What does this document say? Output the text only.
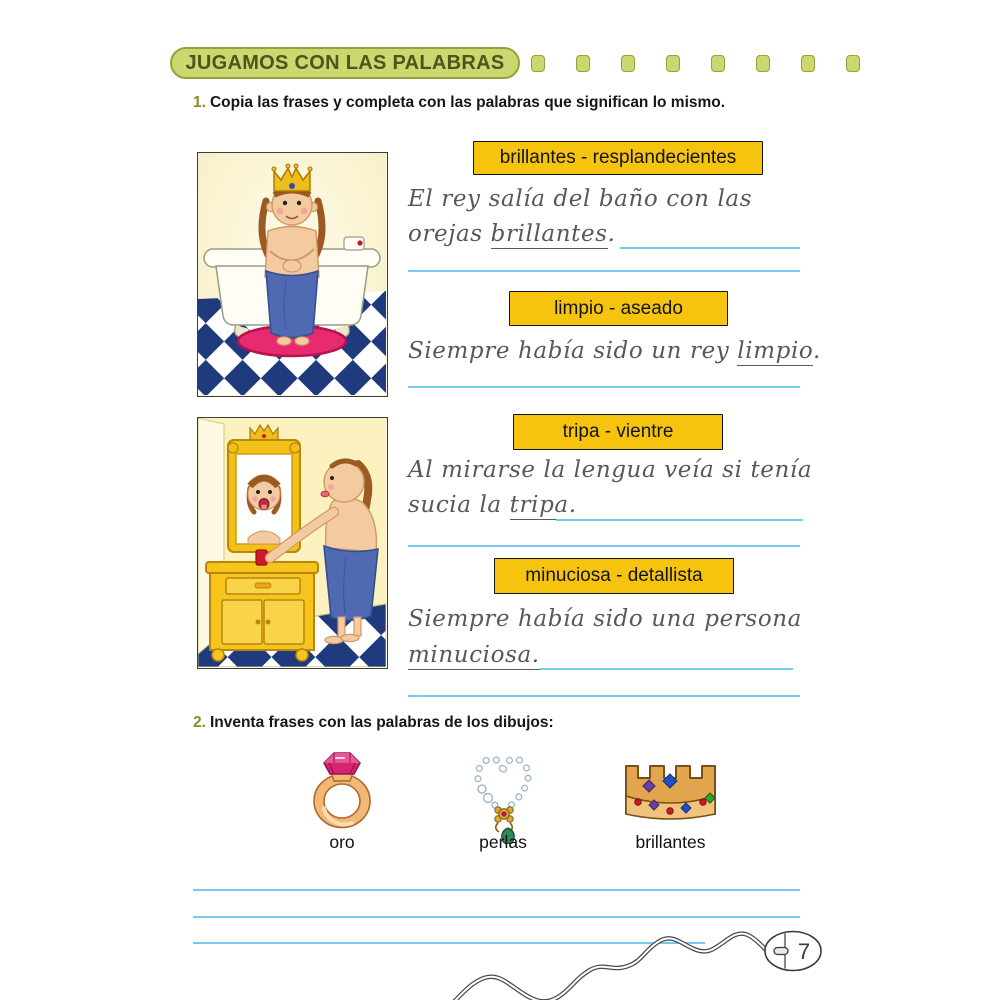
JUGAMOS CON LAS PALABRAS
1. Copia las frases y completa con las palabras que significan lo mismo.
brillantes - resplandecientes
El rey salía del baño con las
orejas brillantes.
limpio - aseado
Siempre había sido un rey limpio.
tripa - vientre
Al mirarse la lengua veía si tenía
sucia la tripa.
minuciosa - detallista
Siempre había sido una persona
minuciosa.
2. Inventa frases con las palabras de los dibujos:
oro	perlas	brillantes
7
